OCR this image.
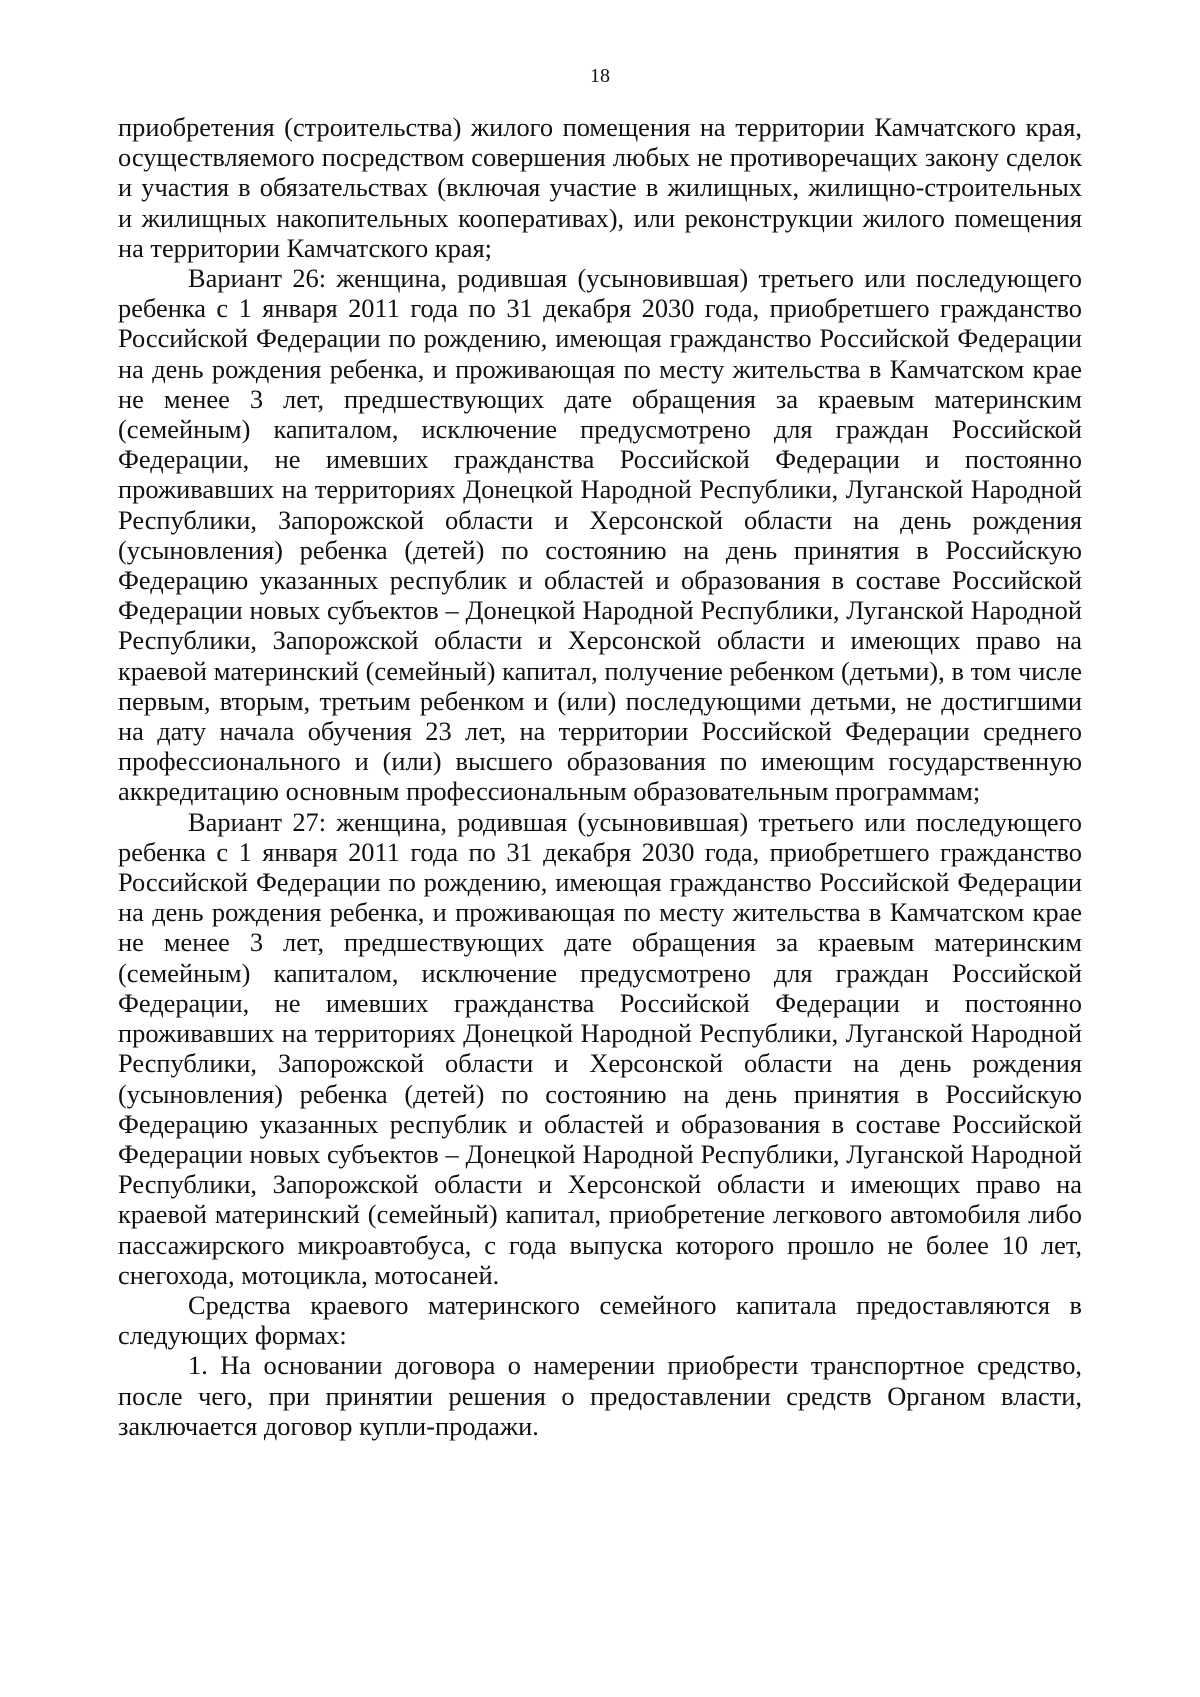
18

приобретения (строительства) жилого помещения на территории Камчатского края, осуществляемого посредством совершения любых не противоречащих закону сделок и участия в обязательствах (включая участие в жилищных, жилищно-строительных и жилищных накопительных кооперативах), или реконструкции жилого помещения на территории Камчатского края;

Вариант 26: женщина, родившая (усыновившая) третьего или последующего ребенка с 1 января 2011 года по 31 декабря 2030 года, приобретшего гражданство Российской Федерации по рождению, имеющая гражданство Российской Федерации на день рождения ребенка, и проживающая по месту жительства в Камчатском крае не менее 3 лет, предшествующих дате обращения за краевым материнским (семейным) капиталом, исключение предусмотрено для граждан Российской Федерации, не имевших гражданства Российской Федерации и постоянно проживавших на территориях Донецкой Народной Республики, Луганской Народной Республики, Запорожской области и Херсонской области на день рождения (усыновления) ребенка (детей) по состоянию на день принятия в Российскую Федерацию указанных республик и областей и образования в составе Российской Федерации новых субъектов – Донецкой Народной Республики, Луганской Народной Республики, Запорожской области и Херсонской области и имеющих право на краевой материнский (семейный) капитал, получение ребенком (детьми), в том числе первым, вторым, третьим ребенком и (или) последующими детьми, не достигшими на дату начала обучения 23 лет, на территории Российской Федерации среднего профессионального и (или) высшего образования по имеющим государственную аккредитацию основным профессиональным образовательным программам;

Вариант 27: женщина, родившая (усыновившая) третьего или последующего ребенка с 1 января 2011 года по 31 декабря 2030 года, приобретшего гражданство Российской Федерации по рождению, имеющая гражданство Российской Федерации на день рождения ребенка, и проживающая по месту жительства в Камчатском крае не менее 3 лет, предшествующих дате обращения за краевым материнским (семейным) капиталом, исключение предусмотрено для граждан Российской Федерации, не имевших гражданства Российской Федерации и постоянно проживавших на территориях Донецкой Народной Республики, Луганской Народной Республики, Запорожской области и Херсонской области на день рождения (усыновления) ребенка (детей) по состоянию на день принятия в Российскую Федерацию указанных республик и областей и образования в составе Российской Федерации новых субъектов – Донецкой Народной Республики, Луганской Народной Республики, Запорожской области и Херсонской области и имеющих право на краевой материнский (семейный) капитал, приобретение легкового автомобиля либо пассажирского микроавтобуса, с года выпуска которого прошло не более 10 лет, снегохода, мотоцикла, мотосаней.

Средства краевого материнского семейного капитала предоставляются в следующих формах:

1. На основании договора о намерении приобрести транспортное средство, после чего, при принятии решения о предоставлении средств Органом власти, заключается договор купли-продажи.
